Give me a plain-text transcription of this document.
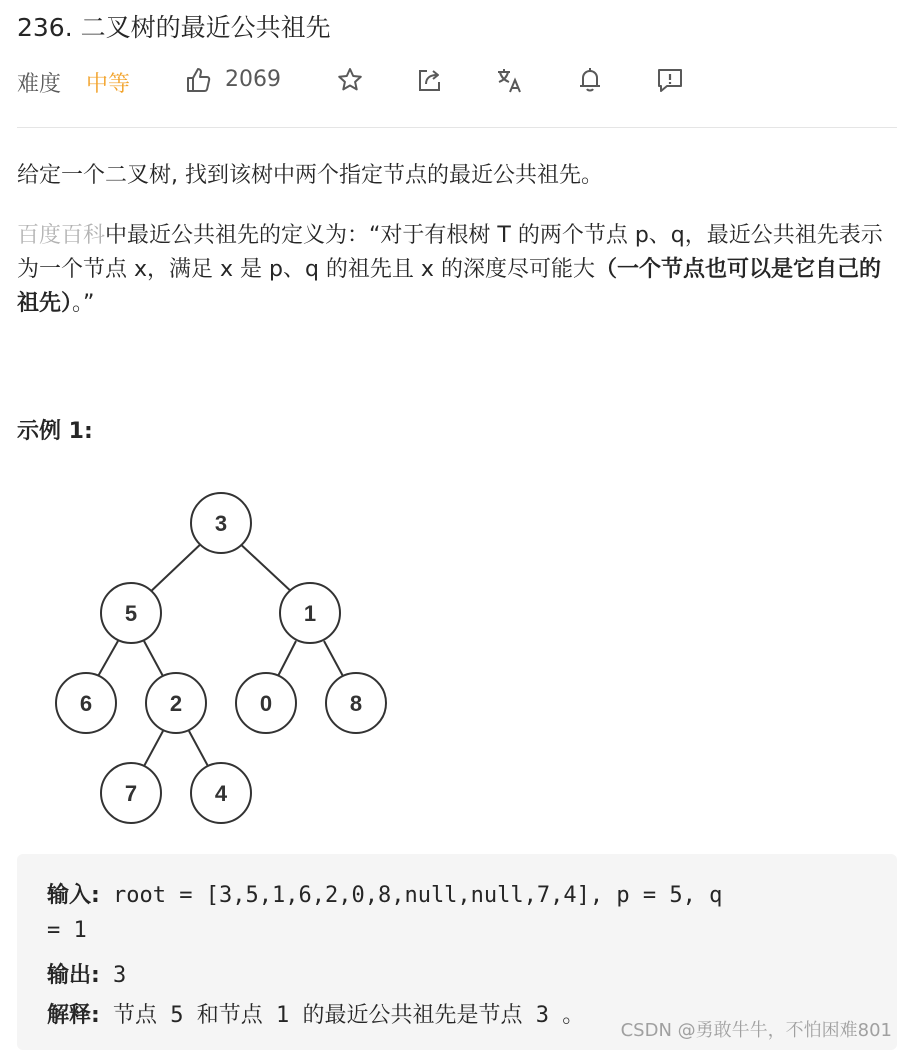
236. 二叉树的最近公共祖先
难度 中等	2069
给定一个二叉树, 找到该树中两个指定节点的最近公共祖先。
百度百科中最近公共祖先的定义为：“对于有根树 T 的两个节点 p、q，最近公共祖先表示为一个节点 x，满足 x 是 p、q 的祖先且 x 的深度尽可能大（一个节点也可以是它自己的祖先）。”
示例 1:
3
5	1
6	2	0	8
7	4
输入: root = [3,5,1,6,2,0,8,null,null,7,4], p = 5, q
= 1
输出: 3
解释: 节点 5 和节点 1 的最近公共祖先是节点 3 。
CSDN @勇敢牛牛，不怕困难801
